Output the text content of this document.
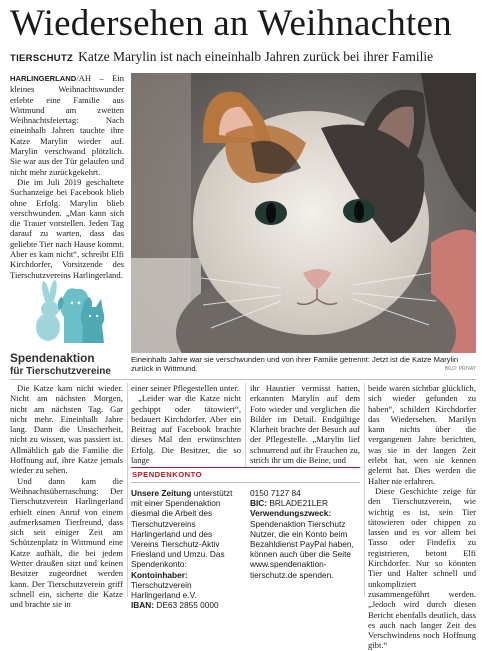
Wiedersehen an Weihnachten
TIERSCHUTZ Katze Marylin ist nach eineinhalb Jahren zurück bei ihrer Familie

HARLINGERLAND/AH – Ein kleines Weihnachtswunder erlebte eine Familie aus Wittmund am zweiten Weihnachtsfeiertag: Nach eineinhalb Jahren tauchte ihre Katze Marylin wieder auf. Marylin verschwand plötzlich. Sie war aus der Tür gelaufen und nicht mehr zurückgekehrt.

Die im Juli 2019 geschaltete Suchanzeige bei Facebook blieb ohne Erfolg. Marylin blieb verschwunden. „Man kann sich die Trauer vorstellen. Jeden Tag darauf zu warten, dass das geliebte Tier nach Hause kommt. Aber es kam nicht“, schreibt Elfi Kirchdorfer, Vorsitzende des Tierschutzvereins Harlingerland.

Spendenaktion
für Tierschutzvereine
Eineinhalb Jahre war sie verschwunden und von ihrer Familie getrennt: Jetzt ist die Katze Marylin zurück in Wittmund.	BILD: PRIVAT

Die Katze kam nicht wieder. Nicht am nächsten Morgen, nicht am nächsten Tag. Gar nicht mehr. Eineinhalb Jahre lang. Dann die Unsicherheit, nicht zu wissen, was passiert ist. Allmählich gab die Familie die Hoffnung auf, ihre Katze jemals wieder zu sehen.

Und dann kam die Weihnachtsüberraschung: Der Tierschutzverein Harlingerland erhielt einen Anruf von einem aufmerksamen Tierfreund, dass sich seit einiger Zeit am Schützenplatz in Wittmund eine Katze aufhält, die bei jedem Wetter draußen sitzt und keinen Besitzer zugeordnet werden kann. Der Tierschutzverein griff schnell ein, sicherte die Katze und brachte sie in

einer seiner Pflegestellen unter.

„Leider war die Katze nicht gechippt oder tätowiert“, bedauert Kirchdorfer. Aber ein Beitrag auf Facebook brachte dieses Mal den erwünschten Erfolg. Die Besitzer, die so lange

ihr Haustier vermisst hatten, erkannten Marylin auf dem Foto wieder und verglichen die Bilder im Detail. Endgültige Klarheit brachte der Besuch auf der Pflegestelle. „Marylin lief schnurrend auf ihr Frauchen zu, strich ihr um die Beine, und

beide waren sichtbar glücklich, sich wieder gefunden zu haben“, schildert Kirchdorfer das Wiedersehen. Marilyn kann nichts über die vergangenen Jahre berichten, was sie in der langen Zeit erlebt hat, wen sie kennen gelernt hat. Dies werden die Halter nie erfahren.

Diese Geschichte zeige für den Tierschutzverein, wie wichtig es ist, sein Tier tätowieren oder chippen zu lassen und es vor allem bei Tasso oder Findefix zu registrieren, betont Elfi Kirchdorfer. Nur so könnten Tier und Halter schnell und unkompliziert zusammengeführt werden. „Jedoch wird durch diesen Bericht ebenfalls deutlich, dass es auch nach langer Zeit des Verschwindens noch Hoffnung gibt.“

SPENDENKONTO
Unsere Zeitung unterstützt mit einer Spendenaktion diesmal die Arbeit des Tierschutzvereins Harlingerland und des Vereins Tierschutz-Aktiv Friesland und Umzu. Das Spendenkonto:
Kontoinhaber: Tierschutzverein Harlingerland e.V.
IBAN: DE63 2855 0000
0150 7127 84
BIC: BRLADE21LER
Verwendungszweck:
Spendenaktion Tierschutz Nutzer, die ein Konto beim Bezahldienst PayPal haben, können auch über die Seite www.spendenaktion-tierschutz.de spenden.
